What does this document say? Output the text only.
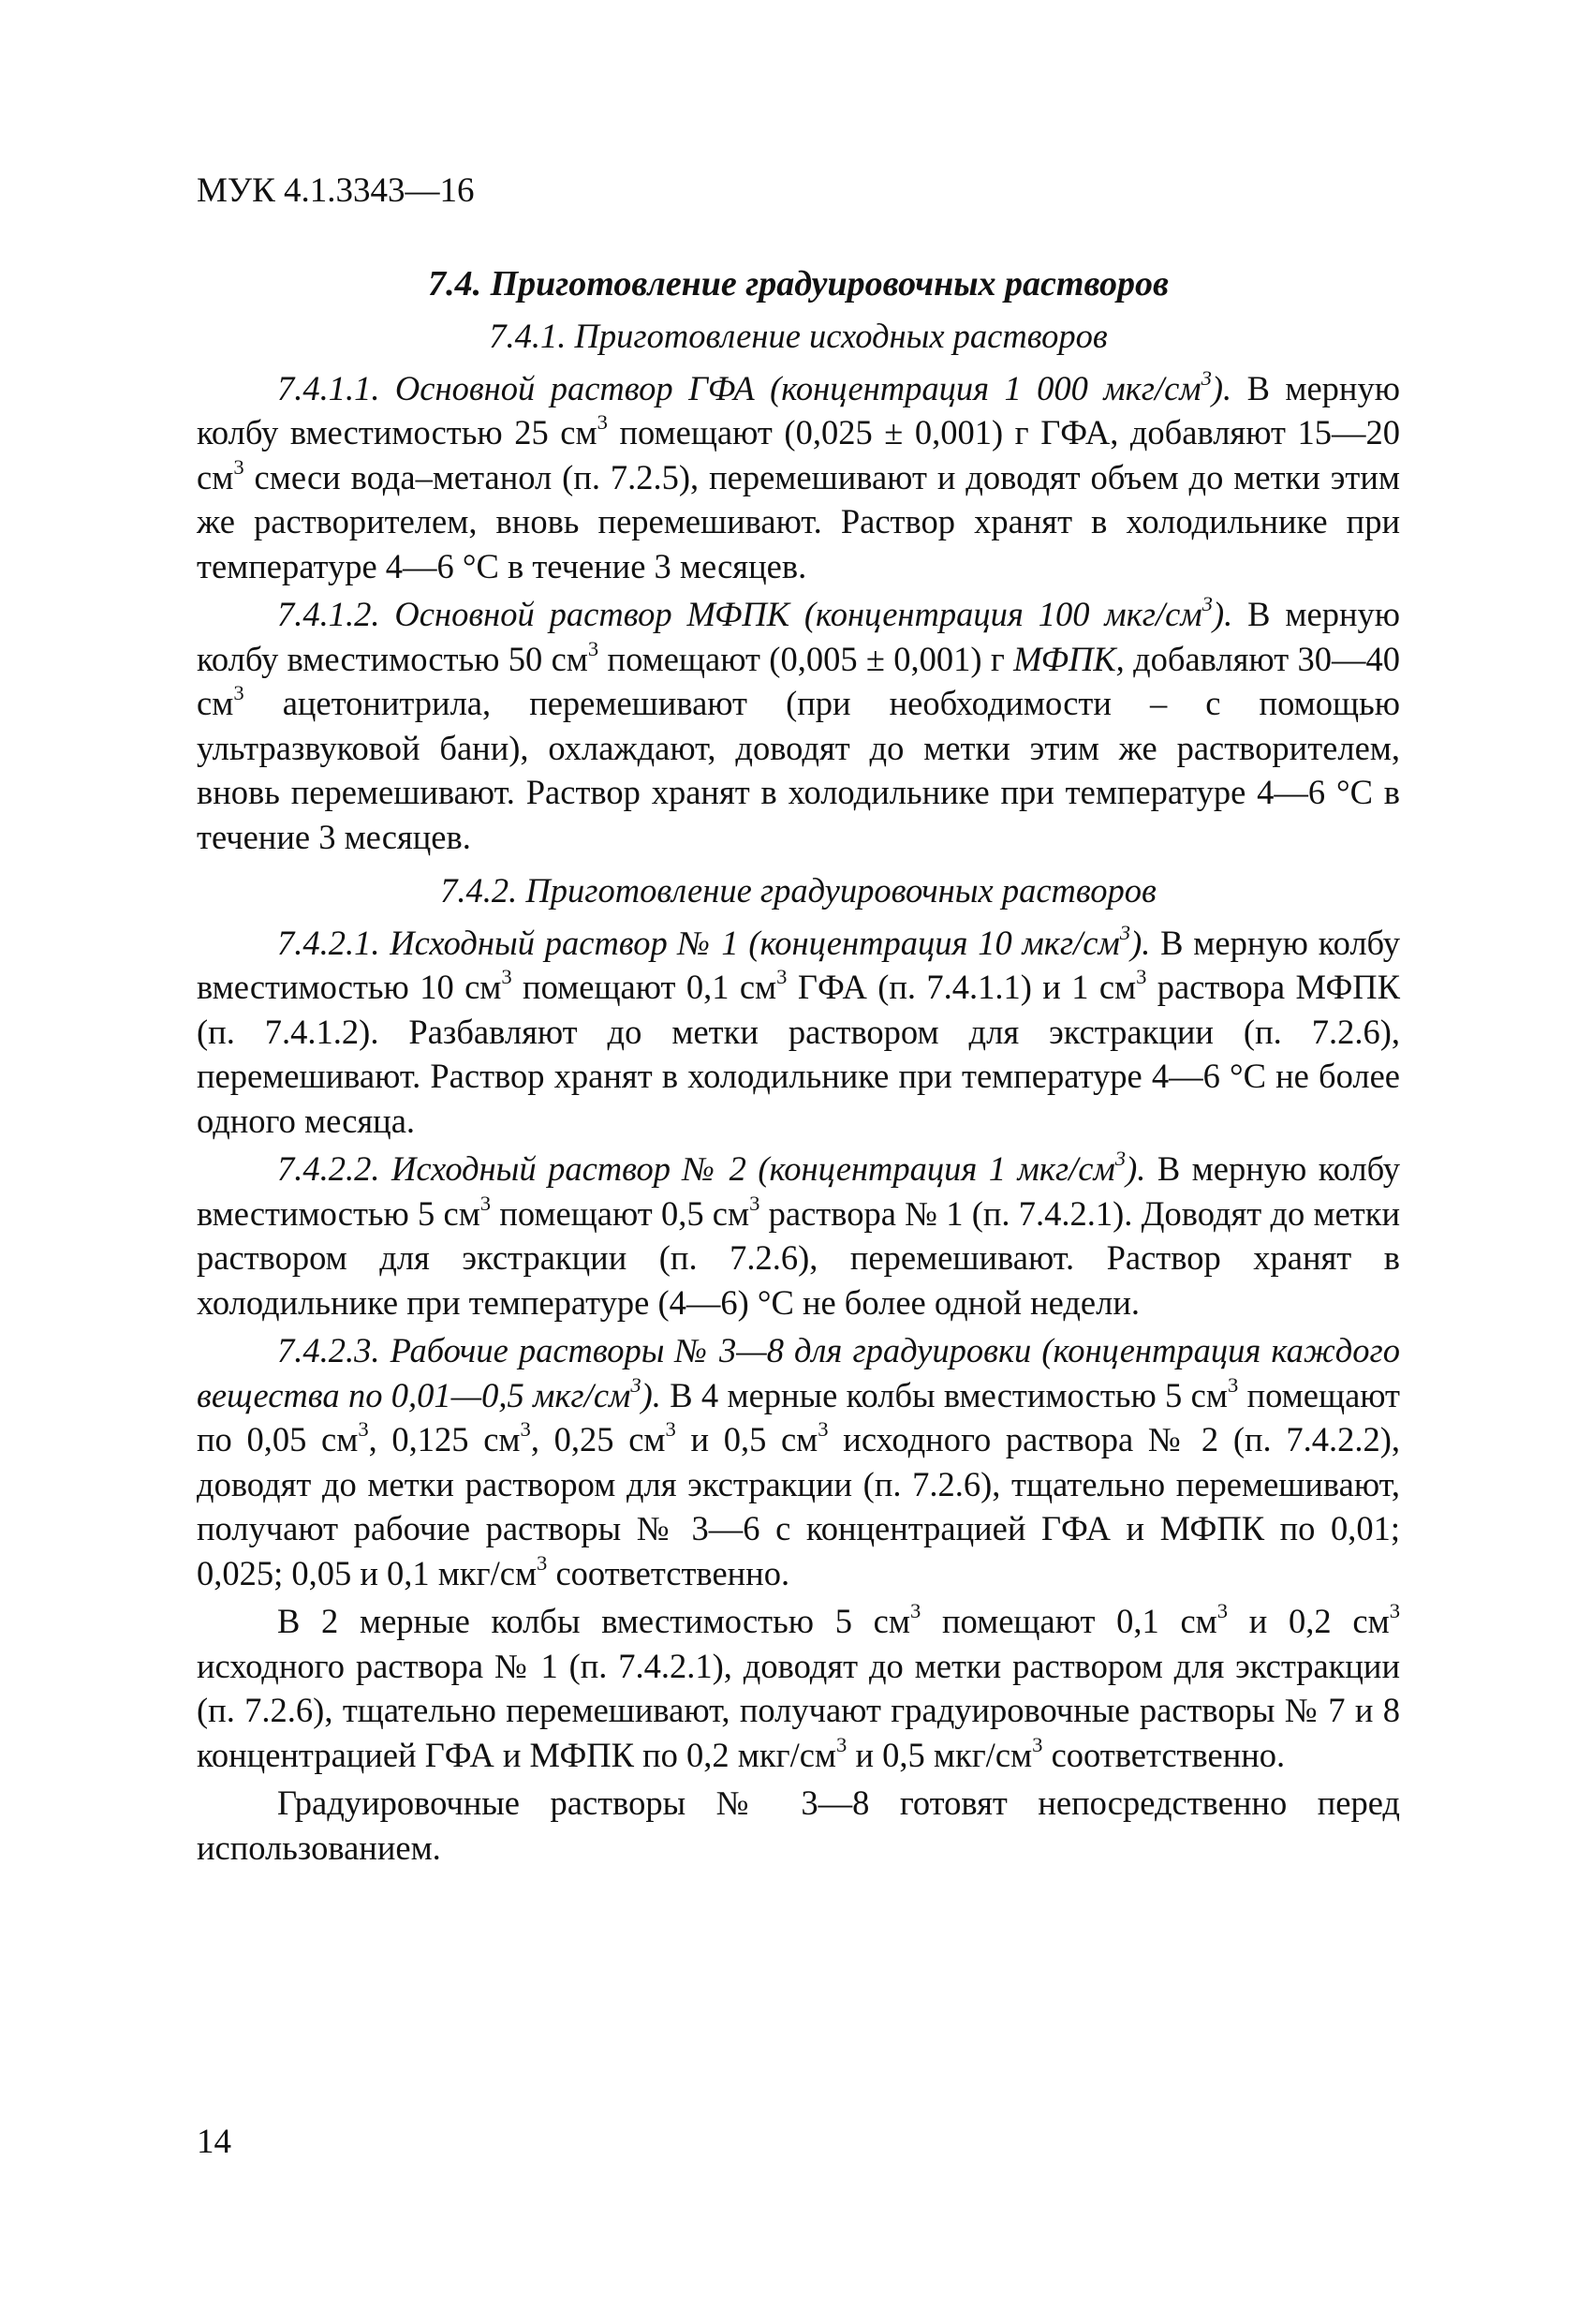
МУК 4.1.3343—16
7.4. Приготовление градуировочных растворов
7.4.1. Приготовление исходных растворов

7.4.1.1. Основной раствор ГФА (концентрация 1 000 мкг/$см^3$). В мерную колбу вместимостью 25 $см^3$ помещают (0,025 ± 0,001) г ГФА, добавляют 15—20 $см^3$ смеси вода–метанол (п. 7.2.5), перемешивают и доводят объем до метки этим же растворителем, вновь перемешивают. Раствор хранят в холодильнике при температуре 4—6 °С в течение 3 месяцев.

7.4.1.2. Основной раствор МФПК (концентрация 100 мкг/$см^3$). В мерную колбу вместимостью 50 $см^3$ помещают (0,005 ± 0,001) г МФПК, добавляют 30—40 $см^3$ ацетонитрила, перемешивают (при необходимости – с помощью ультразвуковой бани), охлаждают, доводят до метки этим же растворителем, вновь перемешивают. Раствор хранят в холодильнике при температуре 4—6 °С в течение 3 месяцев.

7.4.2. Приготовление градуировочных растворов

7.4.2.1. Исходный раствор № 1 (концентрация 10 мкг/$см^3$). В мерную колбу вместимостью 10 $см^3$ помещают 0,1 $см^3$ ГФА (п. 7.4.1.1) и 1 $см^3$ раствора МФПК (п. 7.4.1.2). Разбавляют до метки раствором для экстракции (п. 7.2.6), перемешивают. Раствор хранят в холодильнике при температуре 4—6 °С не более одного месяца.

7.4.2.2. Исходный раствор № 2 (концентрация 1 мкг/$см^3$). В мерную колбу вместимостью 5 $см^3$ помещают 0,5 $см^3$ раствора № 1 (п. 7.4.2.1). Доводят до метки раствором для экстракции (п. 7.2.6), перемешивают. Раствор хранят в холодильнике при температуре (4—6) °С не более одной недели.

7.4.2.3. Рабочие растворы № 3—8 для градуировки (концентрация каждого вещества по 0,01—0,5 мкг/$см^3$). В 4 мерные колбы вместимостью 5 $см^3$ помещают по 0,05 $см^3$, 0,125 $см^3$, 0,25 $см^3$ и 0,5 $см^3$ исходного раствора № 2 (п. 7.4.2.2), доводят до метки раствором для экстракции (п. 7.2.6), тщательно перемешивают, получают рабочие растворы № 3—6 с концентрацией ГФА и МФПК по 0,01; 0,025; 0,05 и 0,1 мкг/$см^3$ соответственно.

В 2 мерные колбы вместимостью 5 $см^3$ помещают 0,1 $см^3$ и 0,2 $см^3$ исходного раствора № 1 (п. 7.4.2.1), доводят до метки раствором для экстракции (п. 7.2.6), тщательно перемешивают, получают градуировочные растворы № 7 и 8 концентрацией ГФА и МФПК по 0,2 мкг/$см^3$ и 0,5 мкг/$см^3$ соответственно.

Градуировочные растворы № 3—8 готовят непосредственно перед использованием.

14
